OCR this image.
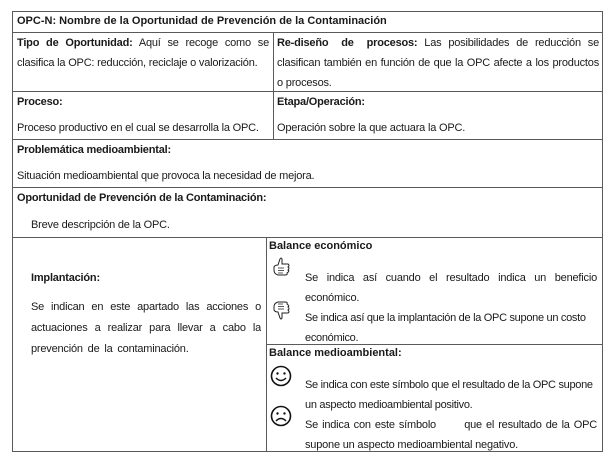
OPC-N: Nombre de la Oportunidad de Prevención de la Contaminación
Tipo de Oportunidad: Aquí se recoge como se clasifica la OPC: reducción, reciclaje o valorización.
Re-diseño de procesos: Las posibilidades de reducción se clasifican también en función de que la OPC afecte a los productos o procesos.
Proceso:
Proceso productivo en el cual se desarrolla la OPC.
Etapa/Operación:
Operación sobre la que actuara la OPC.
Problemática medioambiental:
Situación medioambiental que provoca la necesidad de mejora.
Oportunidad de Prevención de la Contaminación:
Breve descripción de la OPC.
Implantación:
Se indican en este apartado las acciones o actuaciones a realizar para llevar a cabo la prevención de la contaminación.
Balance económico
Se indica así cuando el resultado indica un beneficio económico.
Se indica así que la implantación de la OPC supone un costo económico.
Balance medioambiental:
Se indica con este símbolo que el resultado de la OPC supone un aspecto medioambiental positivo.
Se indica con este símbolo       que el resultado de la OPC supone un aspecto medioambiental negativo.
